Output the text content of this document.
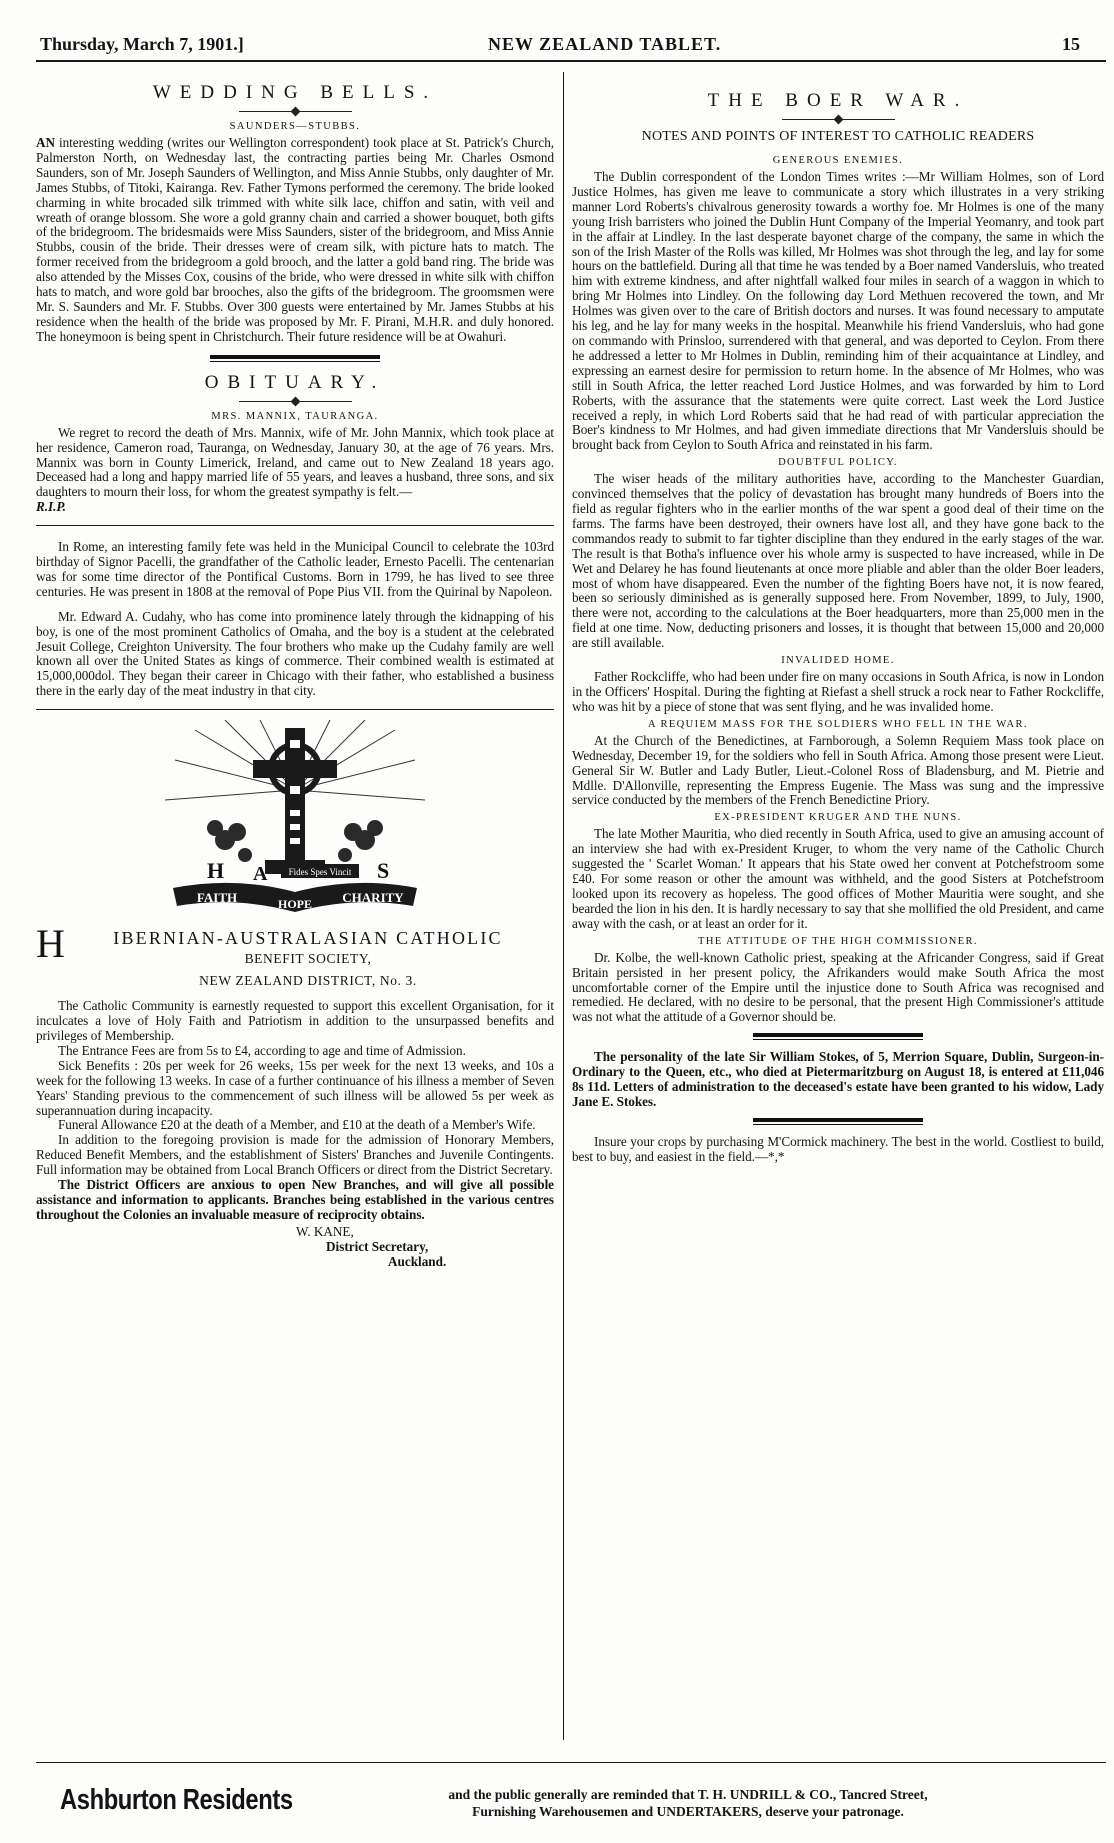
Thursday, March 7, 1901.]	NEW ZEALAND TABLET.	15
WEDDING BELLS.
SAUNDERS—STUBBS.

AN interesting wedding (writes our Wellington correspondent) took place at St. Patrick's Church, Palmerston North, on Wednesday last, the contracting parties being Mr. Charles Osmond Saunders, son of Mr. Joseph Saunders of Wellington, and Miss Annie Stubbs, only daughter of Mr. James Stubbs, of Titoki, Kairanga. Rev. Father Tymons performed the ceremony. The bride looked charming in white brocaded silk trimmed with white silk lace, chiffon and satin, with veil and wreath of orange blossom. She wore a gold granny chain and carried a shower bouquet, both gifts of the bridegroom. The bridesmaids were Miss Saunders, sister of the bridegroom, and Miss Annie Stubbs, cousin of the bride. Their dresses were of cream silk, with picture hats to match. The former received from the bridegroom a gold brooch, and the latter a gold band ring. The bride was also attended by the Misses Cox, cousins of the bride, who were dressed in white silk with chiffon hats to match, and wore gold bar brooches, also the gifts of the bridegroom. The groomsmen were Mr. S. Saunders and Mr. F. Stubbs. Over 300 guests were entertained by Mr. James Stubbs at his residence when the health of the bride was proposed by Mr. F. Pirani, M.H.R. and duly honored. The honeymoon is being spent in Christchurch. Their future residence will be at Owahuri.

OBITUARY.
MRS. MANNIX, TAURANGA.

We regret to record the death of Mrs. Mannix, wife of Mr. John Mannix, which took place at her residence, Cameron road, Tauranga, on Wednesday, January 30, at the age of 76 years. Mrs. Mannix was born in County Limerick, Ireland, and came out to New Zealand 18 years ago. Deceased had a long and happy married life of 55 years, and leaves a husband, three sons, and six daughters to mourn their loss, for whom the greatest sympathy is felt.—
R.I.P.

In Rome, an interesting family fete was held in the Municipal Council to celebrate the 103rd birthday of Signor Pacelli, the grandfather of the Catholic leader, Ernesto Pacelli. The centenarian was for some time director of the Pontifical Customs. Born in 1799, he has lived to see three centuries. He was present in 1808 at the removal of Pope Pius VII. from the Quirinal by Napoleon.

Mr. Edward A. Cudahy, who has come into prominence lately through the kidnapping of his boy, is one of the most prominent Catholics of Omaha, and the boy is a student at the celebrated Jesuit College, Creighton University. The four brothers who make up the Cudahy family are well known all over the United States as kings of commerce. Their combined wealth is estimated at 15,000,000dol. They began their career in Chicago with their father, who established a business there in the early day of the meat industry in that city.

H A	S
Fides Spes Vincit
FAITH	HOPE CHARITY
H	IBERNIAN-AUSTRALASIAN CATHOLIC
BENEFIT SOCIETY,
NEW ZEALAND DISTRICT, No. 3.

The Catholic Community is earnestly requested to support this excellent Organisation, for it inculcates a love of Holy Faith and Patriotism in addition to the unsurpassed benefits and privileges of Membership.

The Entrance Fees are from 5s to £4, according to age and time of Admission.

Sick Benefits : 20s per week for 26 weeks, 15s per week for the next 13 weeks, and 10s a week for the following 13 weeks. In case of a further continuance of his illness a member of Seven Years' Standing previous to the commencement of such illness will be allowed 5s per week as superannuation during incapacity.

Funeral Allowance £20 at the death of a Member, and £10 at the death of a Member's Wife.

In addition to the foregoing provision is made for the admission of Honorary Members, Reduced Benefit Members, and the establishment of Sisters' Branches and Juvenile Contingents. Full information may be obtained from Local Branch Officers or direct from the District Secretary.

The District Officers are anxious to open New Branches, and will give all possible assistance and information to applicants. Branches being established in the various centres throughout the Colonies an invaluable measure of reciprocity obtains.

W. KANE,
District Secretary,
Auckland.
THE BOER WAR.
NOTES AND POINTS OF INTEREST TO CATHOLIC READERS
GENEROUS ENEMIES.

The Dublin correspondent of the London Times writes :—Mr William Holmes, son of Lord Justice Holmes, has given me leave to communicate a story which illustrates in a very striking manner Lord Roberts's chivalrous generosity towards a worthy foe. Mr Holmes is one of the many young Irish barristers who joined the Dublin Hunt Company of the Imperial Yeomanry, and took part in the affair at Lindley. In the last desperate bayonet charge of the company, the same in which the son of the Irish Master of the Rolls was killed, Mr Holmes was shot through the leg, and lay for some hours on the battlefield. During all that time he was tended by a Boer named Vandersluis, who treated him with extreme kindness, and after nightfall walked four miles in search of a waggon in which to bring Mr Holmes into Lindley. On the following day Lord Methuen recovered the town, and Mr Holmes was given over to the care of British doctors and nurses. It was found necessary to amputate his leg, and he lay for many weeks in the hospital. Meanwhile his friend Vandersluis, who had gone on commando with Prinsloo, surrendered with that general, and was deported to Ceylon. From there he addressed a letter to Mr Holmes in Dublin, reminding him of their acquaintance at Lindley, and expressing an earnest desire for permission to return home. In the absence of Mr Holmes, who was still in South Africa, the letter reached Lord Justice Holmes, and was forwarded by him to Lord Roberts, with the assurance that the statements were quite correct. Last week the Lord Justice received a reply, in which Lord Roberts said that he had read of with particular appreciation the Boer's kindness to Mr Holmes, and had given immediate directions that Mr Vandersluis should be brought back from Ceylon to South Africa and reinstated in his farm.

DOUBTFUL POLICY.

The wiser heads of the military authorities have, according to the Manchester Guardian, convinced themselves that the policy of devastation has brought many hundreds of Boers into the field as regular fighters who in the earlier months of the war spent a good deal of their time on the farms. The farms have been destroyed, their owners have lost all, and they have gone back to the commandos ready to submit to far tighter discipline than they endured in the early stages of the war. The result is that Botha's influence over his whole army is suspected to have increased, while in De Wet and Delarey he has found lieutenants at once more pliable and abler than the older Boer leaders, most of whom have disappeared. Even the number of the fighting Boers have not, it is now feared, been so seriously diminished as is generally supposed here. From November, 1899, to July, 1900, there were not, according to the calculations at the Boer headquarters, more than 25,000 men in the field at one time. Now, deducting prisoners and losses, it is thought that between 15,000 and 20,000 are still available.

INVALIDED HOME.

Father Rockcliffe, who had been under fire on many occasions in South Africa, is now in London in the Officers' Hospital. During the fighting at Riefast a shell struck a rock near to Father Rockcliffe, who was hit by a piece of stone that was sent flying, and he was invalided home.

A REQUIEM MASS FOR THE SOLDIERS WHO FELL IN THE WAR.

At the Church of the Benedictines, at Farnborough, a Solemn Requiem Mass took place on Wednesday, December 19, for the soldiers who fell in South Africa. Among those present were Lieut. General Sir W. Butler and Lady Butler, Lieut.-Colonel Ross of Bladensburg, and M. Pietrie and Mdlle. D'Allonville, representing the Empress Eugenie. The Mass was sung and the impressive service conducted by the members of the French Benedictine Priory.

EX-PRESIDENT KRUGER AND THE NUNS.

The late Mother Mauritia, who died recently in South Africa, used to give an amusing account of an interview she had with ex-President Kruger, to whom the very name of the Catholic Church suggested the ' Scarlet Woman.' It appears that his State owed her convent at Potchefstroom some £40. For some reason or other the amount was withheld, and the good Sisters at Potchefstroom looked upon its recovery as hopeless. The good offices of Mother Mauritia were sought, and she bearded the lion in his den. It is hardly necessary to say that she mollified the old President, and came away with the cash, or at least an order for it.

THE ATTITUDE OF THE HIGH COMMISSIONER.

Dr. Kolbe, the well-known Catholic priest, speaking at the Africander Congress, said if Great Britain persisted in her present policy, the Afrikanders would make South Africa the most uncomfortable corner of the Empire until the injustice done to South Africa was recognised and remedied. He declared, with no desire to be personal, that the present High Commissioner's attitude was not what the attitude of a Governor should be.

The personality of the late Sir William Stokes, of 5, Merrion Square, Dublin, Surgeon-in-Ordinary to the Queen, etc., who died at Pietermaritzburg on August 18, is entered at £11,046 8s 11d. Letters of administration to the deceased's estate have been granted to his widow, Lady Jane E. Stokes.

Insure your crops by purchasing M'Cormick machinery. The best in the world. Costliest to build, best to buy, and easiest in the field.—*,*

Ashburton Residents	and the public generally are reminded that T. H. UNDRILL & CO., Tancred Street,
Furnishing Warehousemen and UNDERTAKERS, deserve your patronage.
